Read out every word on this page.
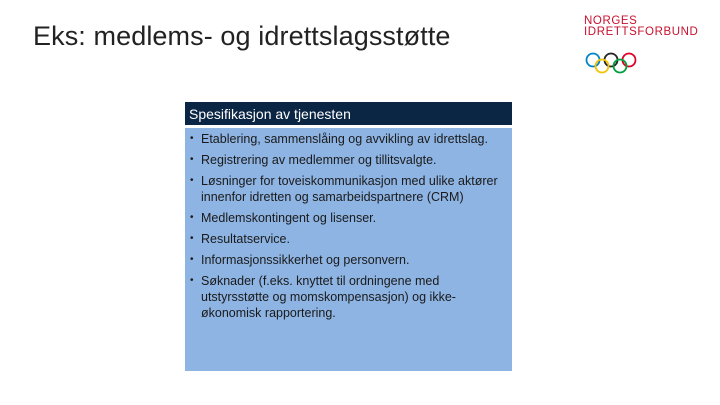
Eks: medlems- og idrettslagsstøtte	NORGES
IDRETTSFORBUND
Spesifikasjon av tjenesten
• Etablering, sammenslåing og avvikling av idrettslag.
• Registrering av medlemmer og tillitsvalgte.
• Løsninger for toveiskommunikasjon med ulike aktører innenfor idretten og samarbeidspartnere (CRM)
• Medlemskontingent og lisenser.
• Resultatservice.
• Informasjonssikkerhet og personvern.
• Søknader (f.eks. knyttet til ordningene med utstyrsstøtte og momskompensasjon) og ikke-økonomisk rapportering.
